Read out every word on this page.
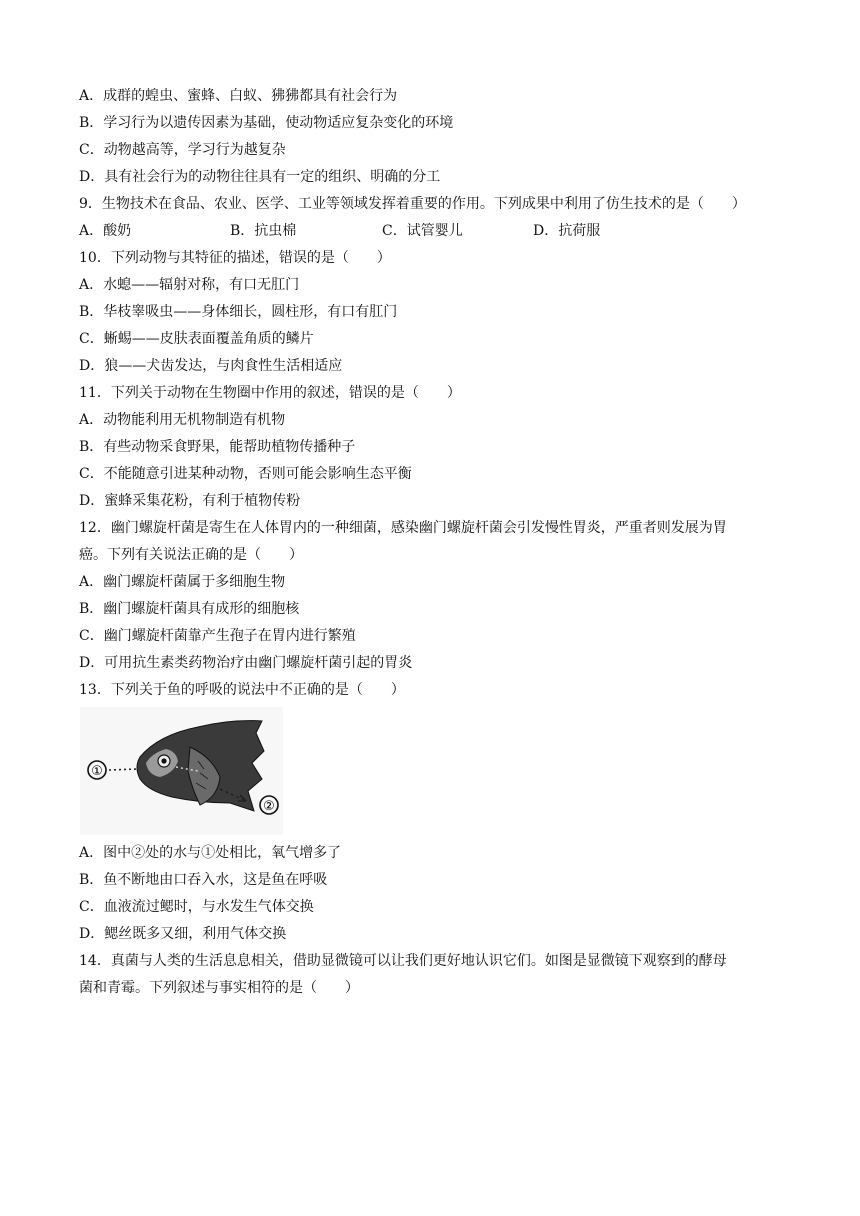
A．成群的蝗虫、蜜蜂、白蚁、狒狒都具有社会行为
B．学习行为以遗传因素为基础，使动物适应复杂变化的环境
C．动物越高等，学习行为越复杂
D．具有社会行为的动物往往具有一定的组织、明确的分工
9．生物技术在食品、农业、医学、工业等领域发挥着重要的作用。下列成果中利用了仿生技术的是（　　）
A．酸奶	B．抗虫棉	C．试管婴儿	D．抗荷服
10．下列动物与其特征的描述，错误的是（　　）
A．水螅——辐射对称，有口无肛门
B．华枝睾吸虫——身体细长，圆柱形，有口有肛门
C．蜥蜴——皮肤表面覆盖角质的鳞片
D．狼——犬齿发达，与肉食性生活相适应
11．下列关于动物在生物圈中作用的叙述，错误的是（　　）
A．动物能利用无机物制造有机物
B．有些动物采食野果，能帮助植物传播种子
C．不能随意引进某种动物，否则可能会影响生态平衡
D．蜜蜂采集花粉，有利于植物传粉
12．幽门螺旋杆菌是寄生在人体胃内的一种细菌，感染幽门螺旋杆菌会引发慢性胃炎，严重者则发展为胃
癌。下列有关说法正确的是（　　）
A．幽门螺旋杆菌属于多细胞生物
B．幽门螺旋杆菌具有成形的细胞核
C．幽门螺旋杆菌靠产生孢子在胃内进行繁殖
D．可用抗生素类药物治疗由幽门螺旋杆菌引起的胃炎
13．下列关于鱼的呼吸的说法中不正确的是（　　）
①
②
A．图中②处的水与①处相比，氧气增多了
B．鱼不断地由口吞入水，这是鱼在呼吸
C．血液流过鳃时，与水发生气体交换
D．鳃丝既多又细，利用气体交换
14．真菌与人类的生活息息相关，借助显微镜可以让我们更好地认识它们。如图是显微镜下观察到的酵母
菌和青霉。下列叙述与事实相符的是（　　）
